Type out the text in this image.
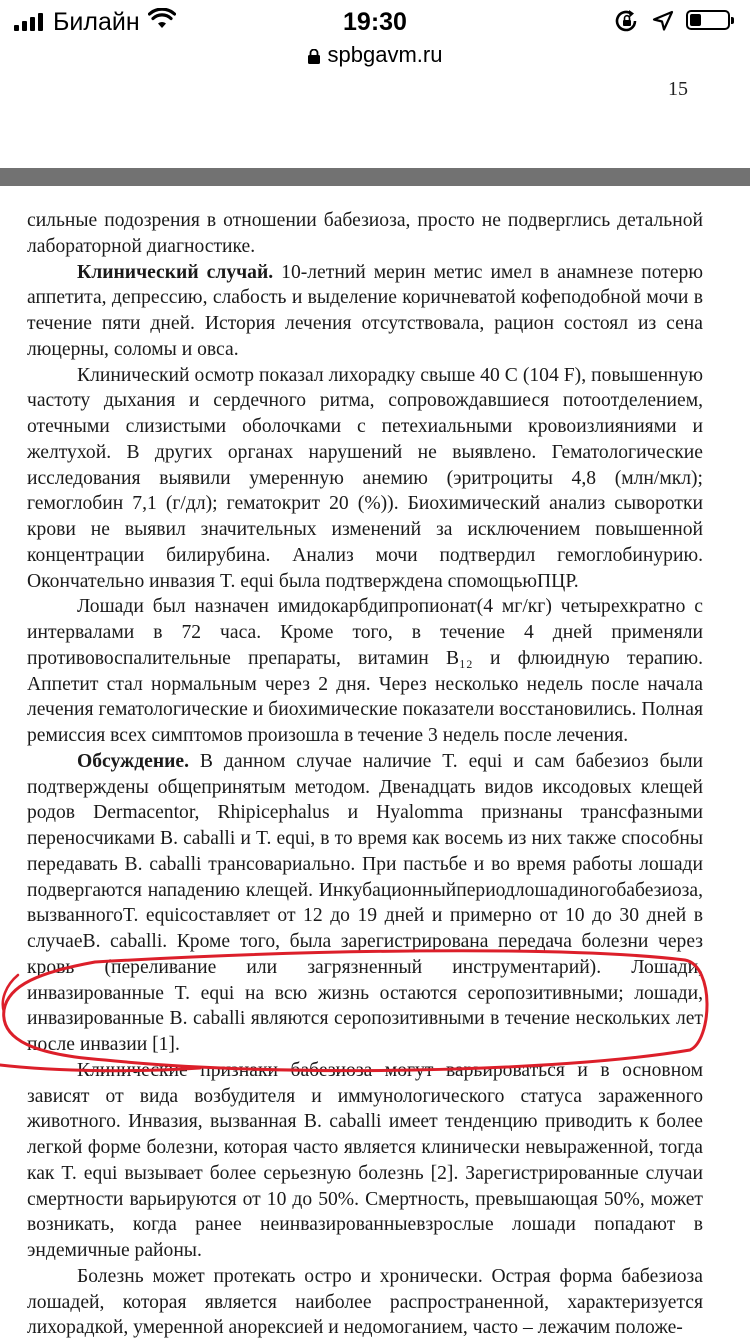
Билайн	19:30
spbgavm.ru
15

сильные подозрения в отношении бабезиоза, просто не подверглись детальной лабораторной диагностике.

Клинический случай. 10-летний мерин метис имел в анамнезе потерю аппетита, депрессию, слабость и выделение коричневатой кофеподобной мочи в течение пяти дней. История лечения отсутствовала, рацион состоял из сена люцерны, соломы и овса.

Клинический осмотр показал лихорадку свыше 40 С (104 F), повышенную частоту дыхания и сердечного ритма, сопровождавшиеся потоотделением, отечными слизистыми оболочками с петехиальными кровоизлияниями и желтухой. В других органах нарушений не выявлено. Гематологические исследования выявили умеренную анемию (эритроциты 4,8 (млн/мкл); гемоглобин 7,1 (г/дл); гематокрит 20 (%)). Биохимический анализ сыворотки крови не выявил значительных изменений за исключением повышенной концентрации билирубина. Анализ мочи подтвердил гемоглобинурию. Окончательно инвазия T. equi была подтверждена спомощьюПЦР.

Лошади был назначен имидокарбдипропионат(4 мг/кг) четырехкратно с интервалами в 72 часа. Кроме того, в течение 4 дней применяли противовоспалительные препараты, витамин B₁₂ и флюидную терапию. Аппетит стал нормальным через 2 дня. Через несколько недель после начала лечения гематологические и биохимические показатели восстановились. Полная ремиссия всех симптомов произошла в течение 3 недель после лечения.

Обсуждение. В данном случае наличие T. equi и сам бабезиоз были подтверждены общепринятым методом. Двенадцать видов иксодовых клещей родов Dermacentor, Rhipicephalus и Hyalomma признаны трансфазными переносчиками B. caballi и T. equi, в то время как восемь из них также способны передавать B. caballi трансовариально. При пастьбе и во время работы лошади подвергаются нападению клещей. Инкубационныйпериодлошадиногобабезиоза, вызванногоT. equiсоставляет от 12 до 19 дней и примерно от 10 до 30 дней в случаеB. caballi. Кроме того, была зарегистрирована передача болезни через кровь (переливание или загрязненный инструментарий). Лошади, инвазированные T. equi на всю жизнь остаются серопозитивными; лошади, инвазированные B. caballi являются серопозитивными в течение нескольких лет после инвазии [1].

Клинические признаки бабезиоза могут варьироваться и в основном зависят от вида возбудителя и иммунологического статуса зараженного животного. Инвазия, вызванная B. caballi имеет тенденцию приводить к более легкой форме болезни, которая часто является клинически невыраженной, тогда как T. equi вызывает более серьезную болезнь [2]. Зарегистрированные случаи смертности варьируются от 10 до 50%. Смертность, превышающая 50%, может возникать, когда ранее неинвазированныевзрослые лошади попадают в эндемичные районы.

Болезнь может протекать остро и хронически. Острая форма бабезиоза лошадей, которая является наиболее распространенной, характеризуется лихорадкой, умеренной анорексией и недомоганием, часто – лежачим положе-
